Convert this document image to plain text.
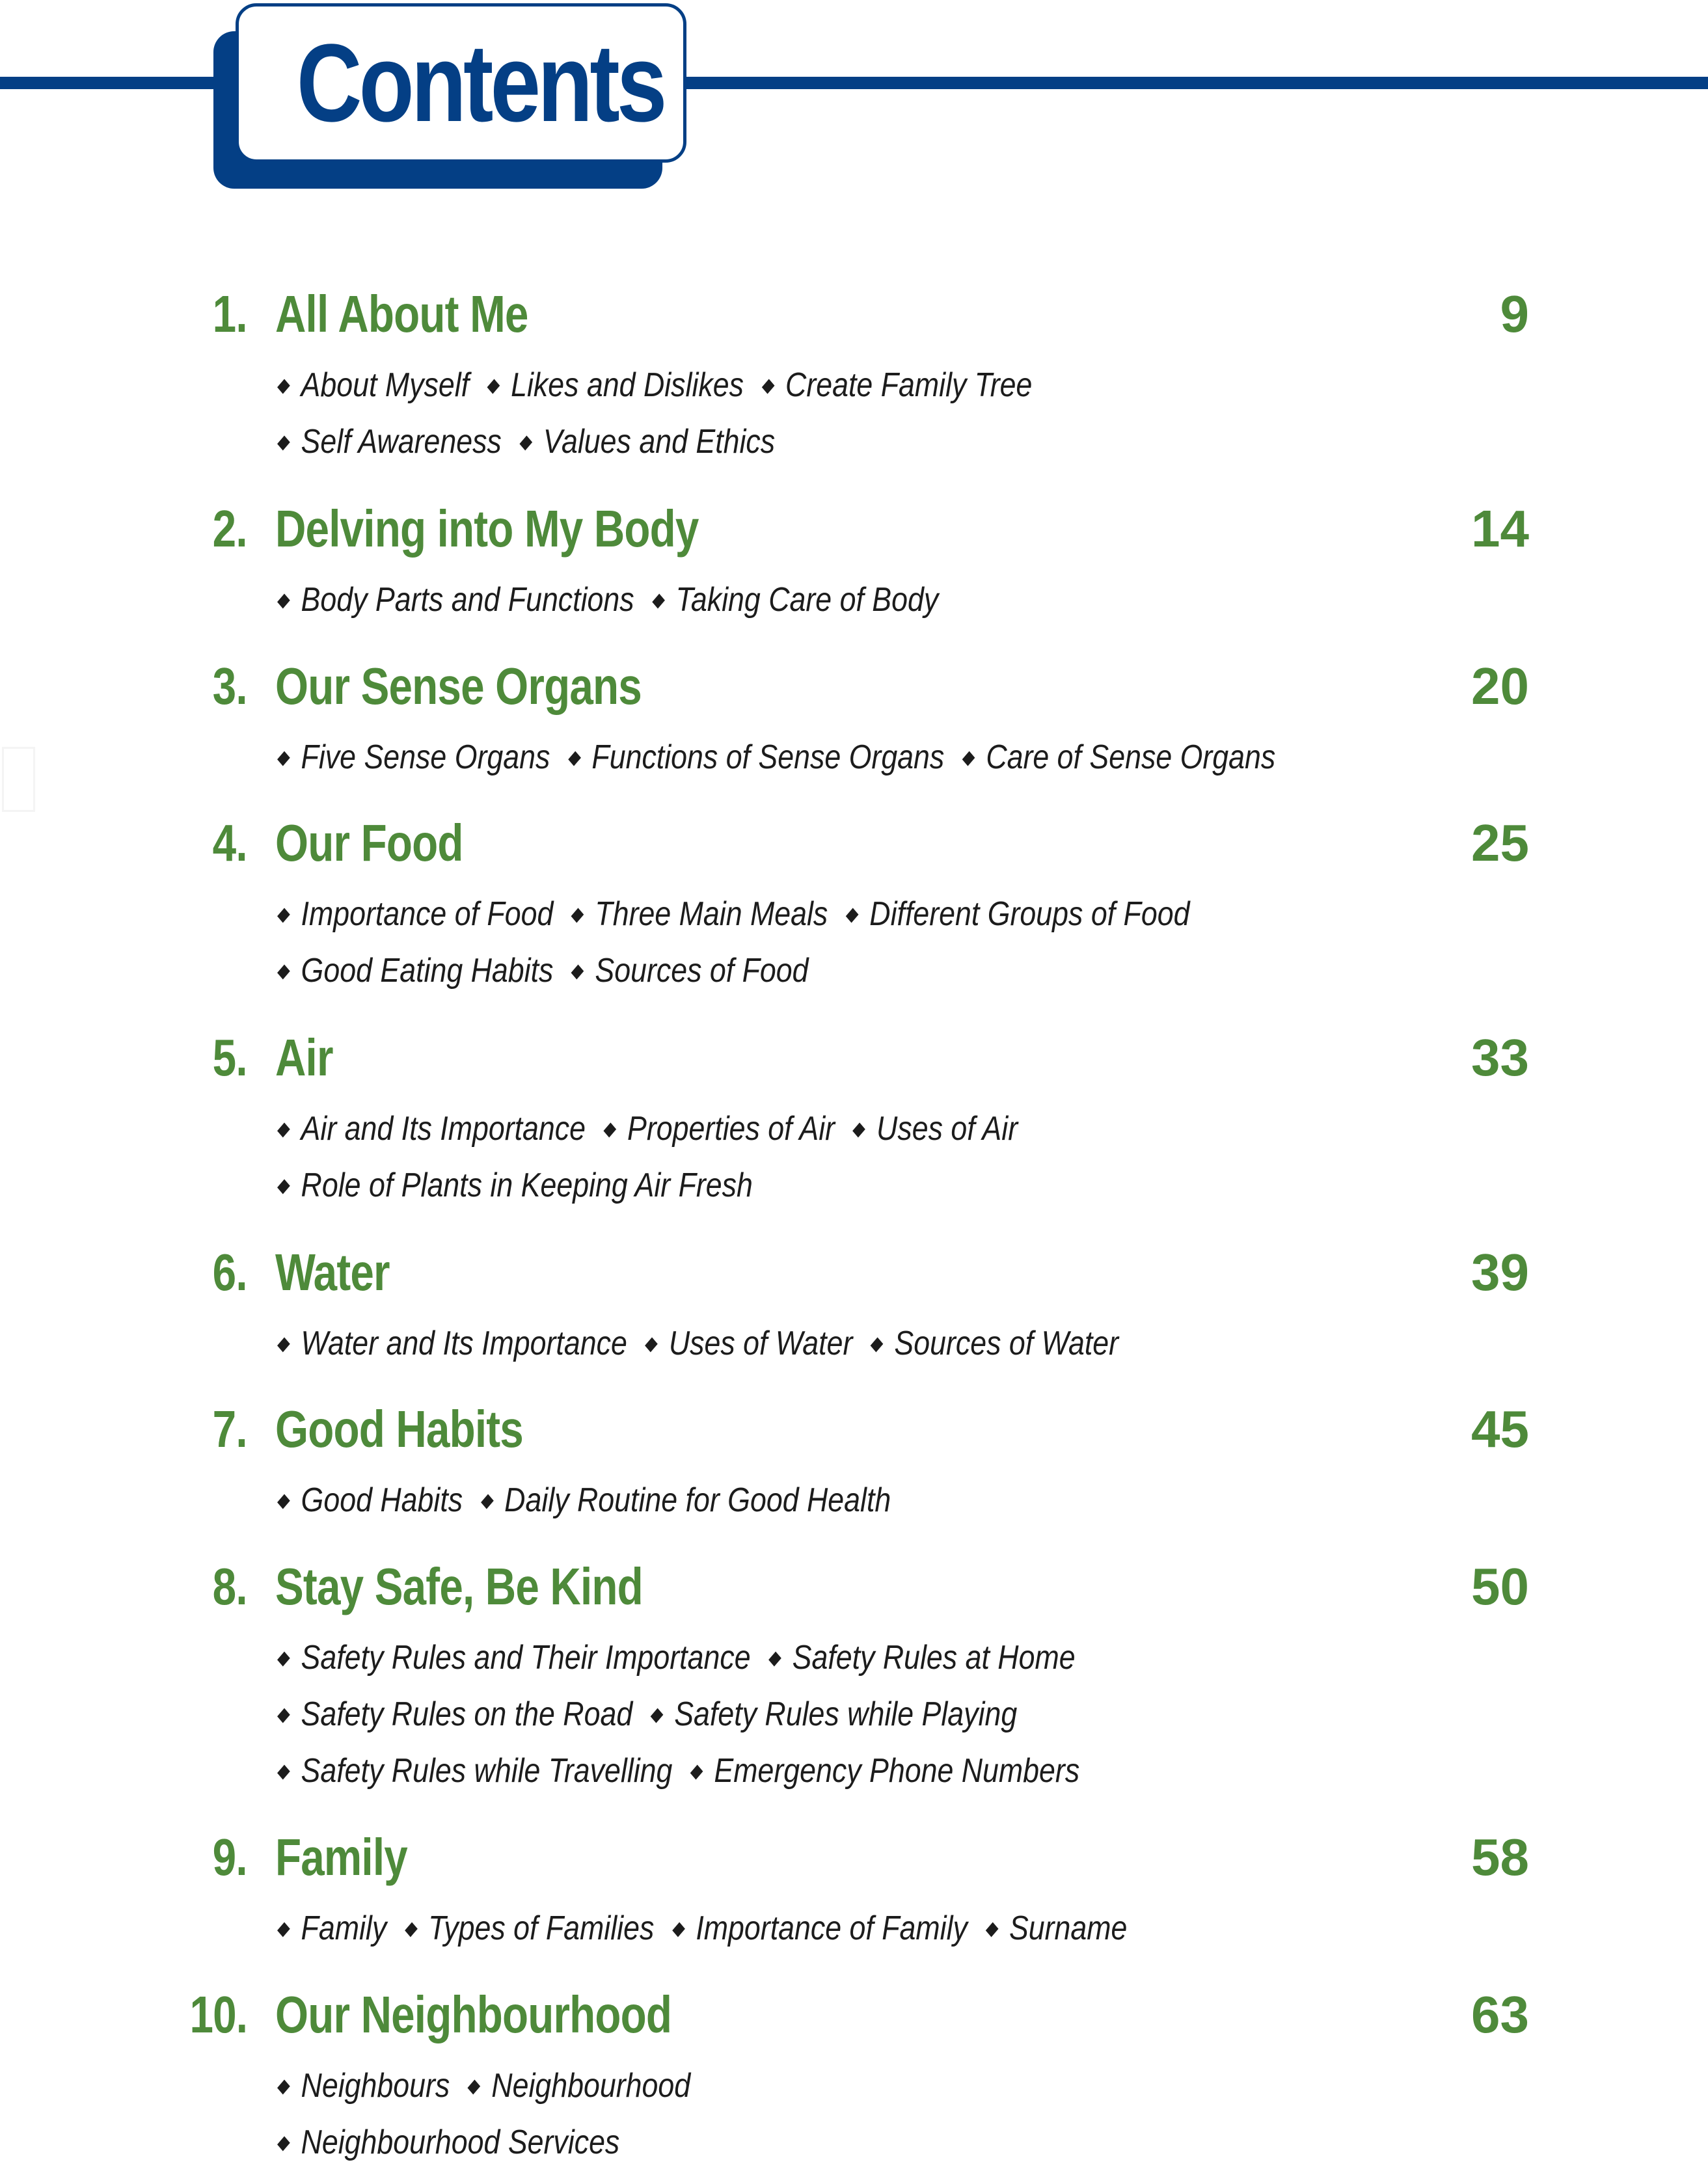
Contents
1. All About Me	9
About Myself Likes and Dislikes Create Family Tree
Self Awareness Values and Ethics
2. Delving into My Body	14
Body Parts and Functions Taking Care of Body
3. Our Sense Organs	20
Five Sense Organs Functions of Sense Organs Care of Sense Organs
4. Our Food	25
Importance of Food Three Main Meals Different Groups of Food
Good Eating Habits Sources of Food
5. Air	33
Air and Its Importance Properties of Air Uses of Air
Role of Plants in Keeping Air Fresh
6. Water	39
Water and Its Importance Uses of Water Sources of Water
7. Good Habits	45
Good Habits Daily Routine for Good Health
8. Stay Safe, Be Kind	50
Safety Rules and Their Importance Safety Rules at Home
Safety Rules on the Road Safety Rules while Playing
Safety Rules while Travelling Emergency Phone Numbers
9. Family	58
Family Types of Families Importance of Family Surname
10. Our Neighbourhood	63
Neighbours Neighbourhood
Neighbourhood Services
